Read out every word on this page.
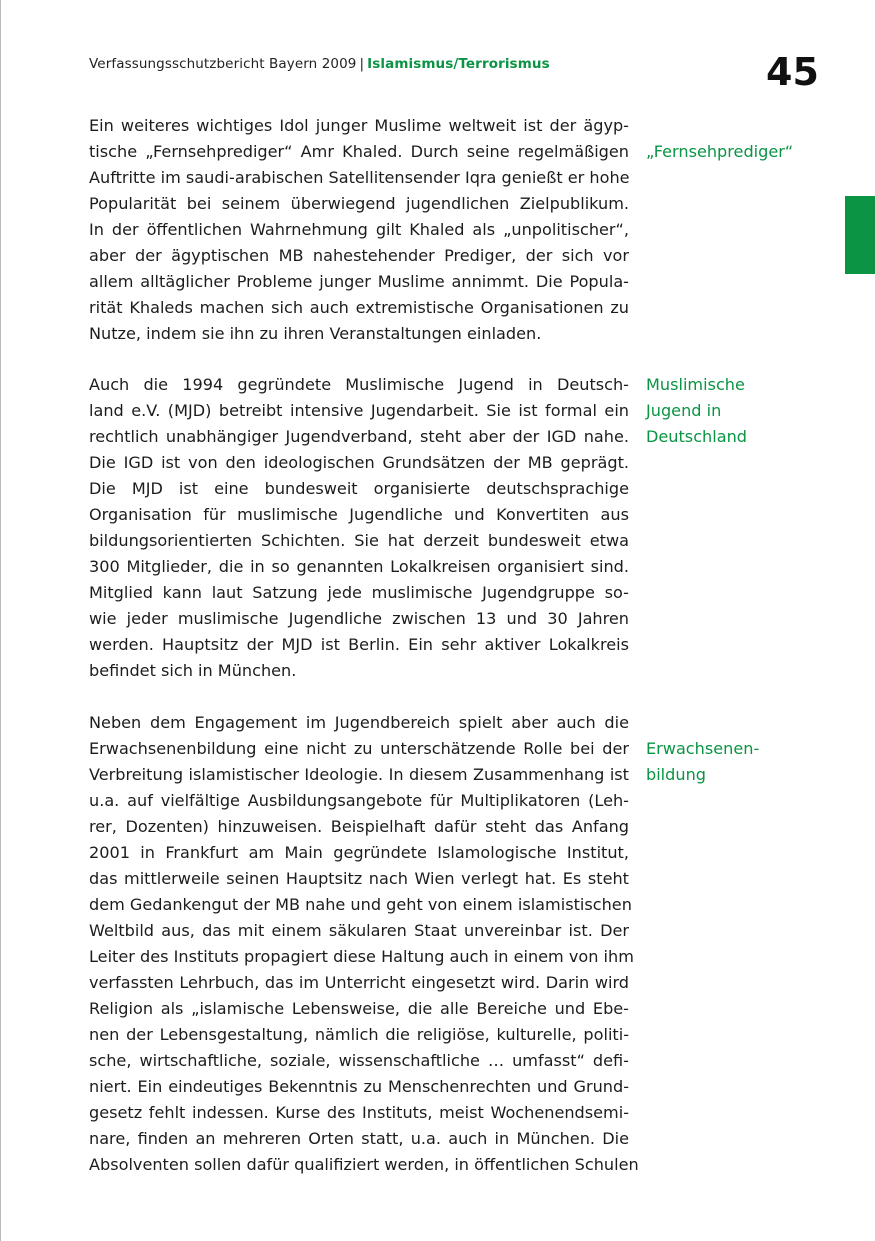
Verfassungsschutzbericht Bayern 2009 | Islamismus/Terrorismus	45
Ein weiteres wichtiges Idol junger Muslime weltweit ist der ägyp-
tische „Fernsehprediger“ Amr Khaled. Durch seine regelmäßigen
Auftritte im saudi-arabischen Satellitensender Iqra genießt er hohe
Popularität bei seinem überwiegend jugendlichen Zielpublikum.
In der öffentlichen Wahrnehmung gilt Khaled als „unpolitischer“,
aber der ägyptischen MB nahestehender Prediger, der sich vor
allem alltäglicher Probleme junger Muslime annimmt. Die Popula-
rität Khaleds machen sich auch extremistische Organisationen zu
Nutze, indem sie ihn zu ihren Veranstaltungen einladen.
Auch die 1994 gegründete Muslimische Jugend in Deutsch-
land e.V. (MJD) betreibt intensive Jugendarbeit. Sie ist formal ein
rechtlich unabhängiger Jugendverband, steht aber der IGD nahe.
Die IGD ist von den ideologischen Grundsätzen der MB geprägt.
Die MJD ist eine bundesweit organisierte deutschsprachige
Organisation für muslimische Jugendliche und Konvertiten aus
bildungsorientierten Schichten. Sie hat derzeit bundesweit etwa
300 Mitglieder, die in so genannten Lokalkreisen organisiert sind.
Mitglied kann laut Satzung jede muslimische Jugendgruppe so-
wie jeder muslimische Jugendliche zwischen 13 und 30 Jahren
werden. Hauptsitz der MJD ist Berlin. Ein sehr aktiver Lokalkreis
befindet sich in München.
Neben dem Engagement im Jugendbereich spielt aber auch die
Erwachsenenbildung eine nicht zu unterschätzende Rolle bei der
Verbreitung islamistischer Ideologie. In diesem Zusammenhang ist
u.a. auf vielfältige Ausbildungsangebote für Multiplikatoren (Leh-
rer, Dozenten) hinzuweisen. Beispielhaft dafür steht das Anfang
2001 in Frankfurt am Main gegründete Islamologische Institut,
das mittlerweile seinen Hauptsitz nach Wien verlegt hat. Es steht
dem Gedankengut der MB nahe und geht von einem islamistischen
Weltbild aus, das mit einem säkularen Staat unvereinbar ist. Der
Leiter des Instituts propagiert diese Haltung auch in einem von ihm
verfassten Lehrbuch, das im Unterricht eingesetzt wird. Darin wird
Religion als „islamische Lebensweise, die alle Bereiche und Ebe-
nen der Lebensgestaltung, nämlich die religiöse, kulturelle, politi-
sche, wirtschaftliche, soziale, wissenschaftliche … umfasst“ defi-
niert. Ein eindeutiges Bekenntnis zu Menschenrechten und Grund-
gesetz fehlt indessen. Kurse des Instituts, meist Wochenendsemi-
nare, finden an mehreren Orten statt, u.a. auch in München. Die
Absolventen sollen dafür qualifiziert werden, in öffentlichen Schulen
„Fernsehprediger“
Muslimische
Jugend in
Deutschland
Erwachsenen-
bildung
